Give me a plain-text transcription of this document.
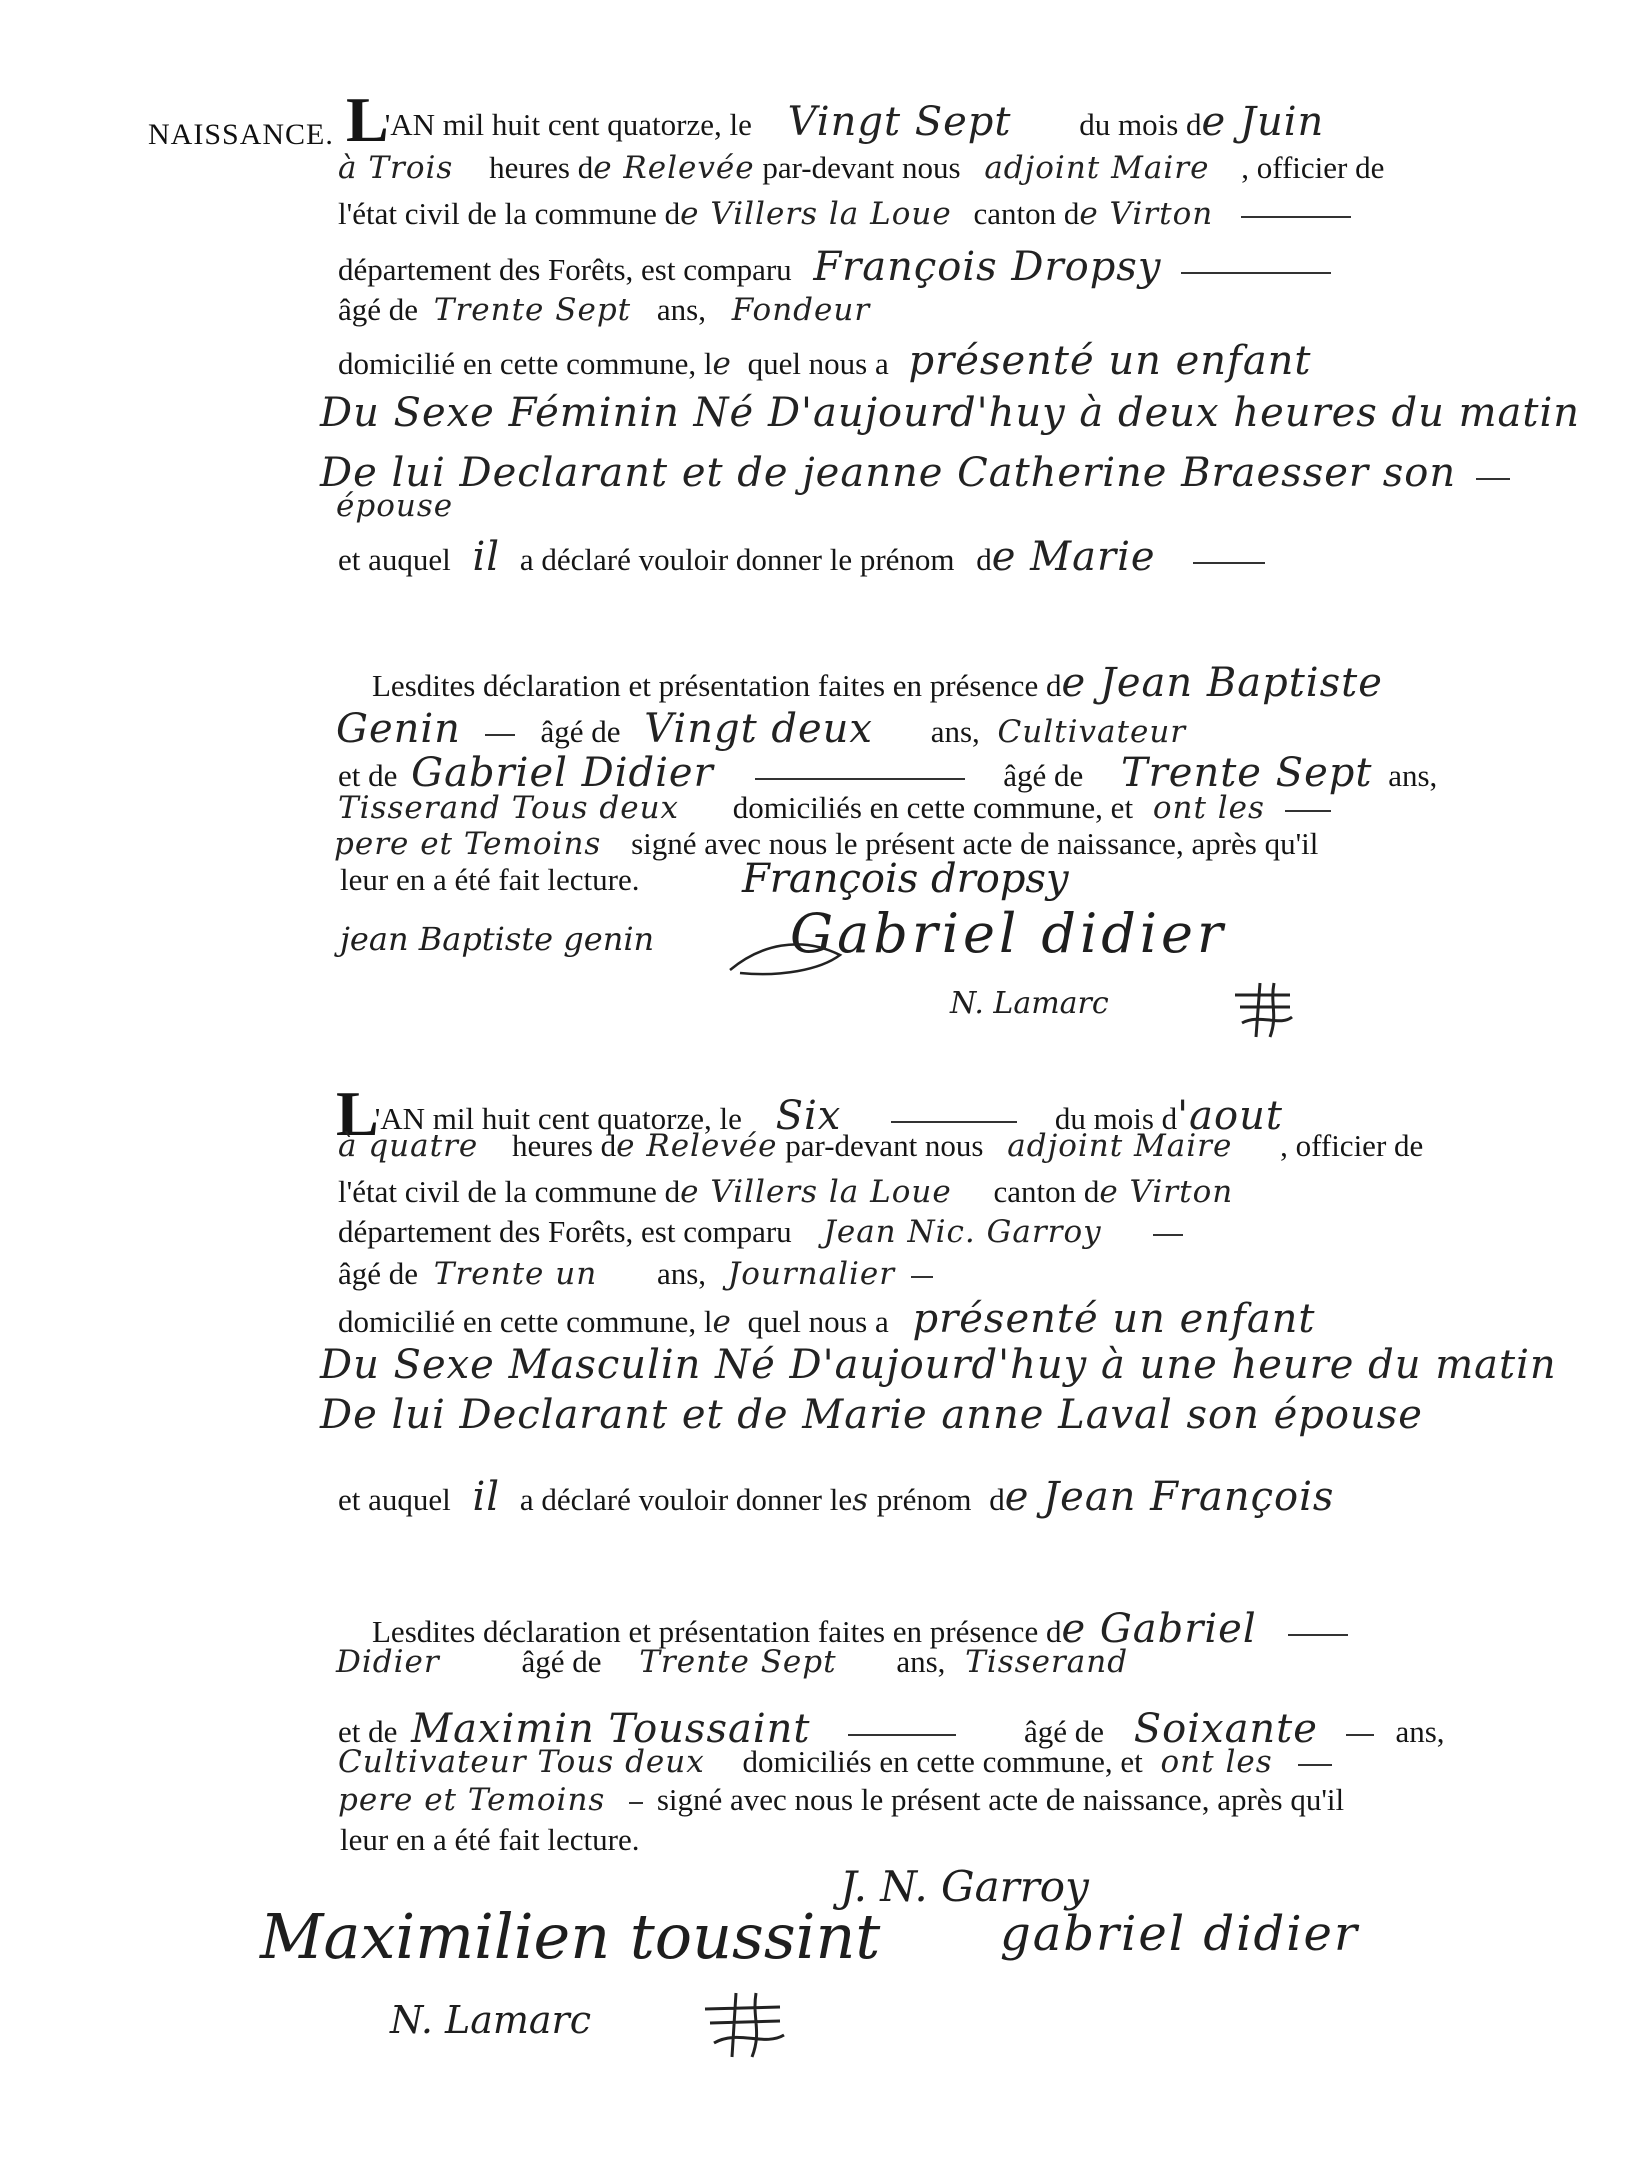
NAISSANCE. L'AN mil huit cent quatorze, le Vingt Sept du mois de Juin
à Trois heures de Relevée par-devant nous adjoint Maire , officier de
l'état civil de la commune de Villers la Loue canton de Virton
département des Forêts, est comparu François Dropsy
âgé de Trente Sept ans, Fondeur
domicilié en cette commune, le quel nous a présenté un enfant
Du Sexe Féminin Né D'aujourd'huy à deux heures du matin
De lui Declarant et de jeanne Catherine Braesser son
épouse
et auquel il a déclaré vouloir donner le prénom de Marie
Lesdites déclaration et présentation faites en présence de Jean Baptiste
Genin	âgé de Vingt deux ans, Cultivateur
et de Gabriel Didier	âgé de Trente Sept ans,
Tisserand Tous deux domiciliés en cette commune, et ont les
pere et Temoins signé avec nous le présent acte de naissance, après qu'il
leur en a été fait lecture.	François dropsy
jean Baptiste genin	Gabriel didier
N. Lamarc
L'AN mil huit cent quatorze, le Six	du mois d'aout
à quatre heures de Relevée par-devant nous adjoint Maire , officier de
l'état civil de la commune de Villers la Loue canton de Virton
département des Forêts, est comparu Jean Nic. Garroy
âgé de Trente un ans, Journalier
domicilié en cette commune, le quel nous a présenté un enfant
Du Sexe Masculin Né D'aujourd'huy à une heure du matin
De lui Declarant et de Marie anne Laval son épouse
et auquel il a déclaré vouloir donner les prénom de Jean François
Lesdites déclaration et présentation faites en présence de Gabriel
Didier	âgé de Trente Sept ans, Tisserand
et de Maximin Toussaint	âgé de Soixante	ans,
Cultivateur Tous deux domiciliés en cette commune, et ont les
pere et Temoins signé avec nous le présent acte de naissance, après qu'il
leur en a été fait lecture.
J. N. Garroy
Maximilien toussint gabriel didier
N. Lamarc
